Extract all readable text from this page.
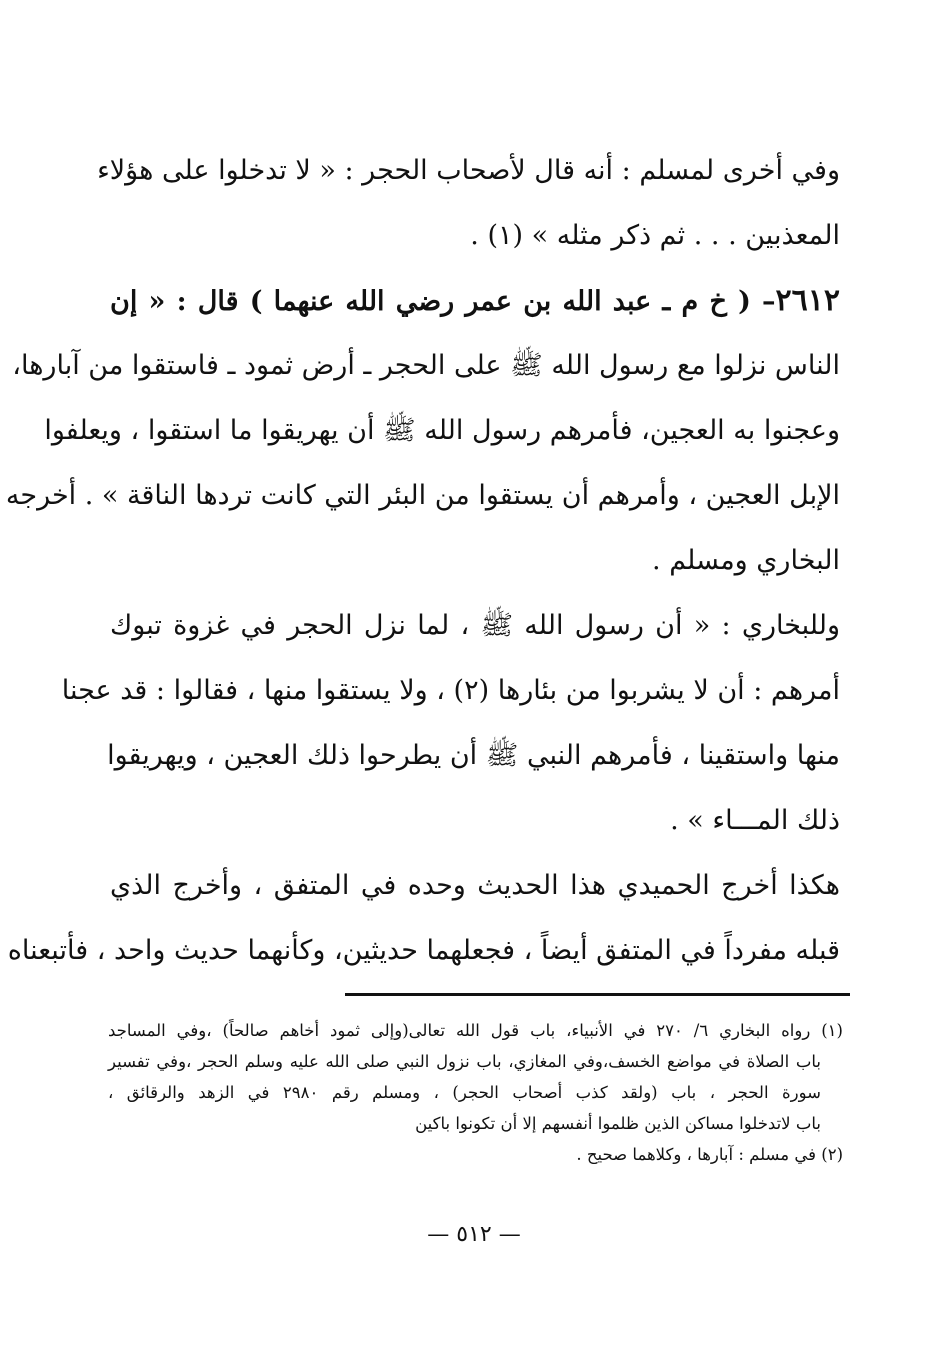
وفي أخرى لمسلم : أنه قال لأصحاب الحجر : « لا تدخلوا على هؤلاء
المعذبين . . . ثم ذكر مثله » (١) .
٢٦١٢– ( خ م ـ عبد الله بن عمر رضي الله عنهما ) قال : « إن
الناس نزلوا مع رسول الله ﷺ على الحجر ـ أرض ثمود ـ فاستقوا من آبارها،
وعجنوا به العجين، فأمرهم رسول الله ﷺ أن يهريقوا ما استقوا ، ويعلفوا
الإبل العجين ، وأمرهم أن يستقوا من البئر التي كانت تردها الناقة » . أخرجه
البخاري ومسلم .
وللبخاري : « أن رسول الله ﷺ ، لما نزل الحجر في غزوة تبوك
أمرهم : أن لا يشربوا من بئارها (٢) ، ولا يستقوا منها ، فقالوا : قد عجنا
منها واستقينا ، فأمرهم النبي ﷺ أن يطرحوا ذلك العجين ، ويهريقوا
ذلك المـــاء » .
هكذا أخرج الحميدي هذا الحديث وحده في المتفق ، وأخرج الذي
قبله مفرداً في المتفق أيضاً ، فجعلهما حديثين، وكأنهما حديث واحد ، فأتبعناه
(١) رواه البخاري ٦/ ٢٧٠ في الأنبياء، باب قول الله تعالى(وإلى ثمود أخاهم صالحاً) ،وفي المساجد
باب الصلاة في مواضع الخسف،وفي المغازي، باب نزول النبي صلى الله عليه وسلم الحجر ،وفي تفسير
سورة الحجر ، باب (ولقد كذب أصحاب الحجر) ، ومسلم رقم ٢٩٨٠ في الزهد والرقائق ،
باب لاتدخلوا مساكن الذين ظلموا أنفسهم إلا أن تكونوا باكين
(٢) في مسلم : آبارها ، وكلاهما صحيح .
— ٥١٢ —
